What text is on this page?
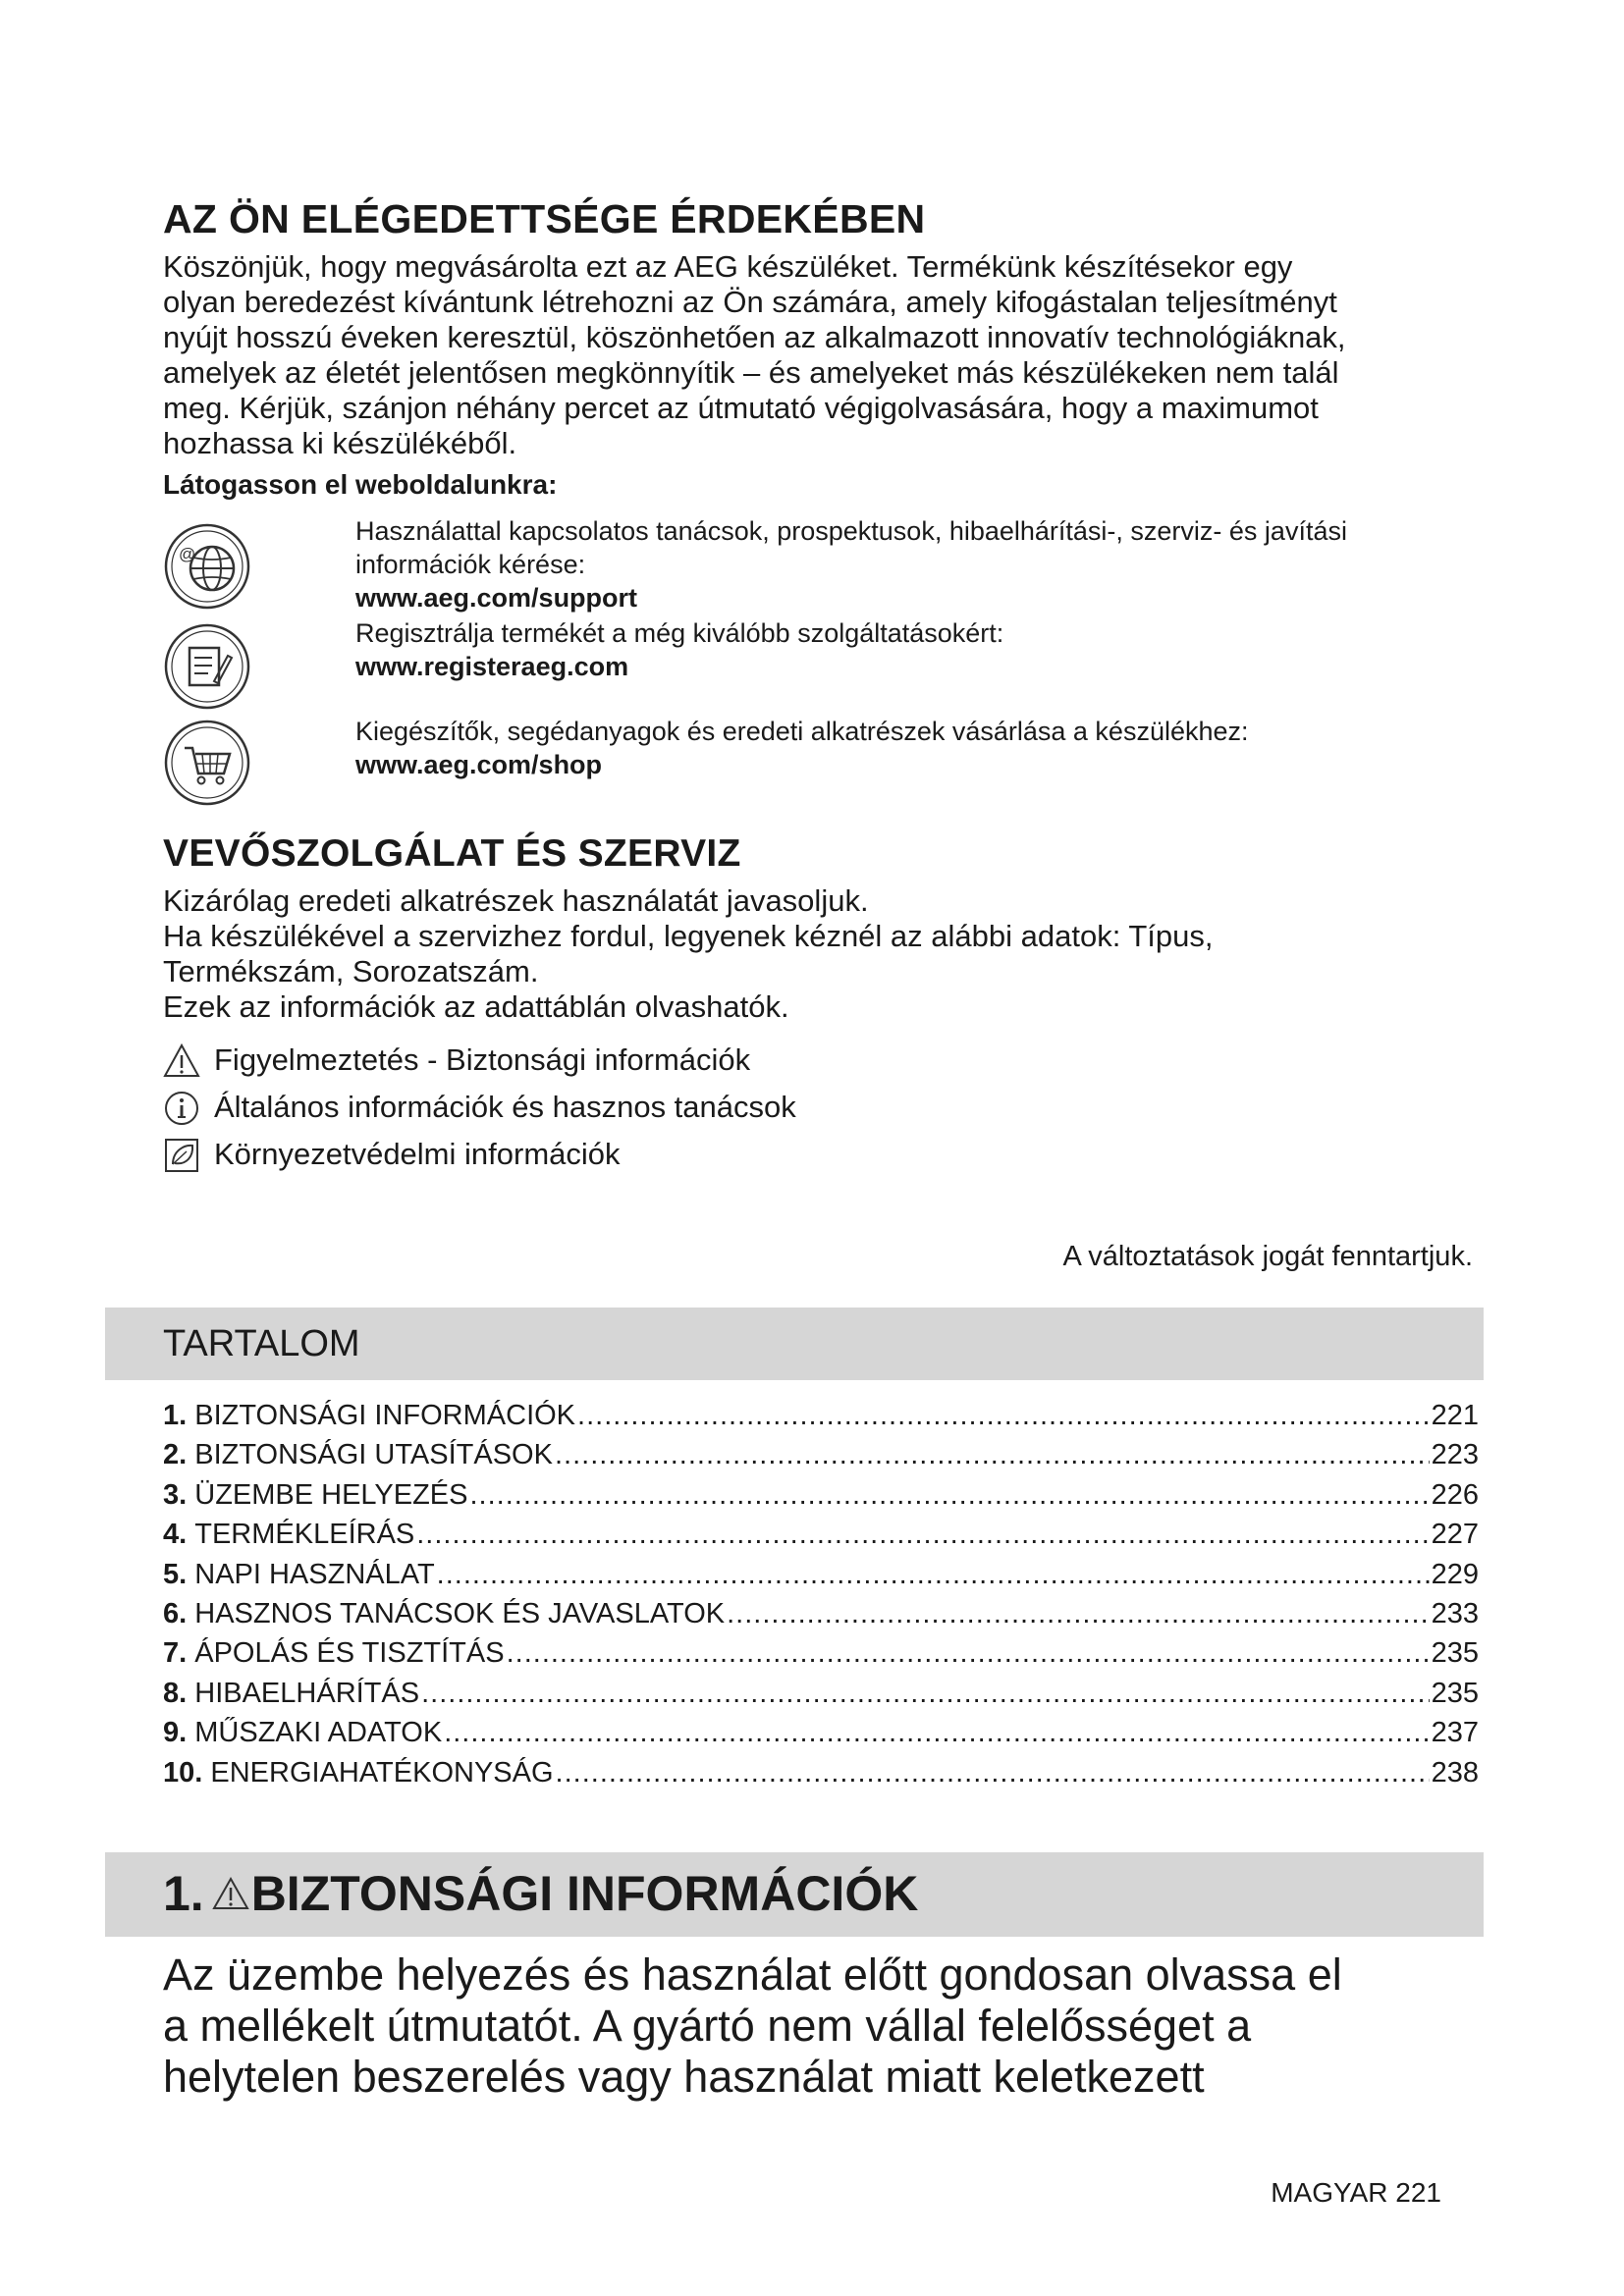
AZ ÖN ELÉGEDETTSÉGE ÉRDEKÉBEN
Köszönjük, hogy megvásárolta ezt az AEG készüléket. Termékünk készítésekor egy
olyan beredezést kívántunk létrehozni az Ön számára, amely kifogástalan teljesítményt
nyújt hosszú éveken keresztül, köszönhetően az alkalmazott innovatív technológiáknak,
amelyek az életét jelentősen megkönnyítik – és amelyeket más készülékeken nem talál
meg. Kérjük, szánjon néhány percet az útmutató végigolvasására, hogy a maximumot
hozhassa ki készülékéből.
Látogasson el weboldalunkra:
@
Használattal kapcsolatos tanácsok, prospektusok, hibaelhárítási-, szerviz- és javítási
információk kérése:
www.aeg.com/support
Regisztrálja termékét a még kiválóbb szolgáltatásokért:
www.registeraeg.com
Kiegészítők, segédanyagok és eredeti alkatrészek vásárlása a készülékhez:
www.aeg.com/shop
VEVŐSZOLGÁLAT ÉS SZERVIZ
Kizárólag eredeti alkatrészek használatát javasoljuk.
Ha készülékével a szervizhez fordul, legyenek kéznél az alábbi adatok: Típus,
Termékszám, Sorozatszám.
Ezek az információk az adattáblán olvashatók.
Figyelmeztetés - Biztonsági információk
Általános információk és hasznos tanácsok
Környezetvédelmi információk
A változtatások jogát fenntartjuk.
TARTALOM
1.
BIZTONSÁGI INFORMÁCIÓK .....	221
2.
BIZTONSÁGI UTASÍTÁSOK .....	223
3.
ÜZEMBE HELYEZÉS .....	226
4.
TERMÉKLEÍRÁS .....	227
5.
NAPI HASZNÁLAT .....	229
6.
HASZNOS TANÁCSOK ÉS JAVASLATOK .....	233
7.
ÁPOLÁS ÉS TISZTÍTÁS .....	235
8.
HIBAELHÁRÍTÁS .....	235
9.
MŰSZAKI ADATOK .....	237
10.
ENERGIAHATÉKONYSÁG .....	238
1. BIZTONSÁGI INFORMÁCIÓK
Az üzembe helyezés és használat előtt gondosan olvassa el
a mellékelt útmutatót. A gyártó nem vállal felelősséget a
helytelen beszerelés vagy használat miatt keletkezett
MAGYAR 221
